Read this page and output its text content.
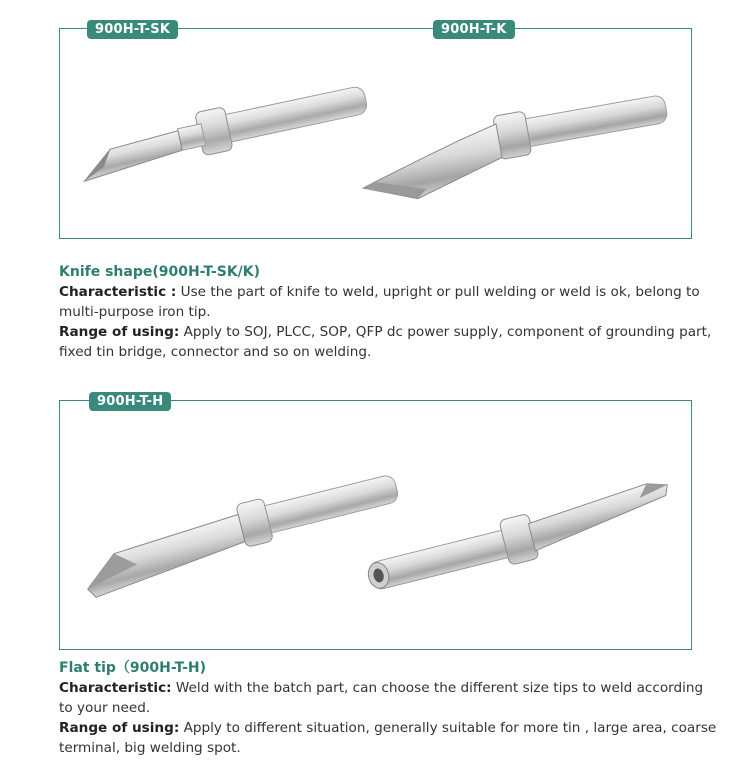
900H-T-SK	900H-T-K
Knife shape(900H-T-SK/K)
Characteristic : Use the part of knife to weld, upright or pull welding or weld is ok, belong to multi-purpose iron tip.
Range of using: Apply to SOJ, PLCC, SOP, QFP dc power supply, component of grounding part, fixed tin bridge, connector and so on welding.
900H-T-H
Flat tip（900H-T-H)
Characteristic: Weld with the batch part, can choose the different size tips to weld according to your need.
Range of using: Apply to different situation, generally suitable for more tin , large area, coarse terminal, big welding spot.
